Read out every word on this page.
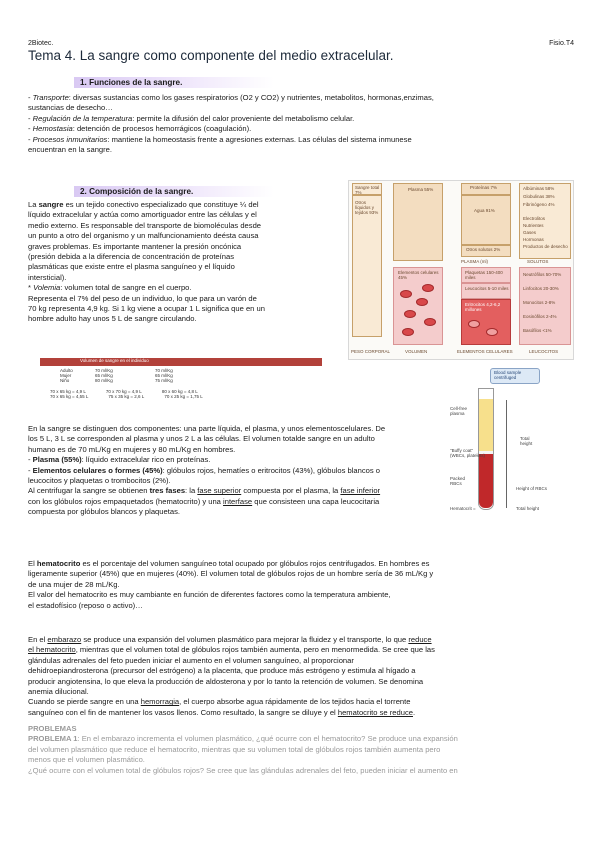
2Biotec.	Fisio.T4
Tema 4. La sangre como componente del medio extracelular.
1. Funciones de la sangre.
- Transporte: diversas sustancias como los gases respiratorios (O2 y CO2) y nutrientes, metabolitos, hormonas,enzimas,
sustancias de desecho…
- Regulación de la temperatura: permite la difusión del calor proveniente del metabolismo celular.
- Hemostasia: detención de procesos hemorrágicos (coagulación).
- Procesos inmunitarios: mantiene la homeostasis frente a agresiones externas. Las células del sistema inmunese
encuentran en la sangre.
2. Composición de la sangre.
La sangre es un tejido conectivo especializado que constituye ¼ del
líquido extracelular y actúa como amortiguador entre las células y el
medio externo. Es responsable del transporte de biomoléculas desde
un punto a otro del organismo y un malfuncionamiento deésta causa
graves problemas. Es importante mantener la presión oncónica
(presión debida a la diferencia de concentración de proteínas
plasmáticas que existe entre el plasma sanguíneo y el líquido
intersticial).
* Volemia: volumen total de sangre en el cuerpo.
Representa el 7% del peso de un individuo, lo que para un varón de
70 kg representa 4,9 kg. Si 1 kg viene a ocupar 1 L significa que en un
hombre adulto hay unos 5 L de sangre circulando.
Volumen de sangre en el individuo
Adulto	70 ml/Kg	70 ml/Kg
Mujer	65 ml/Kg	65 ml/Kg
Niño	80 ml/Kg	75 ml/Kg
70 x 65 kg = 4,9 L	70 x 70 kg = 4,9 L	80 x 60 kg = 4,8 L
70 x 65 kg = 4,55 L	75 x 35 kg = 2,6 L	70 x 25 kg = 1,75 L
Sangre total 7%
Otros líquidos y tejidos 93%
Plasma 55%	Proteínas 7%
Agua 91%
Otros solutos 2%
Albúminas 58%
Globulinas 38%
Fibrinógeno 4%
Electrolitos
Nutrientes
Gases
Hormonas
Productos de desecho
PLASMA (ml)	SOLUTOS
Elementos celulares 45%
Plaquetas 150-400 miles
Leucocitos 5-10 miles
Eritrocitos 4,2-6,2 millones
Neutrófilos 50-70%
Linfocitos 20-30%
Monocitos 2-8%
Eosinófilos 2-4%
Basófilos <1%
PESO CORPORAL	VOLUMEN	ELEMENTOS CELULARES	LEUCOCITOS
Blood sample
centrifuged
Cell-free
plasma
"Buffy coat"
(WBCs, platelets)
Packed
RBCs
Hematocrit =
Total
height
Height of RBCs
Total height
En la sangre se distinguen dos componentes: una parte líquida, el plasma, y unos elementoscelulares. De
los 5 L, 3 L se corresponden al plasma y unos 2 L a las células. El volumen totalde sangre en un adulto
humano es de 70 mL/Kg en mujeres y 80 mL/Kg en hombres.
- Plasma (55%): líquido extracelular rico en proteínas.
- Elementos celulares o formes (45%): glóbulos rojos, hematíes o eritrocitos (43%), glóbulos blancos o
leucocitos y plaquetas o trombocitos (2%).
Al centrifugar la sangre se obtienen tres fases: la fase superior compuesta por el plasma, la fase inferior
con los glóbulos rojos empaquetados (hematocrito) y una interfase que consisteen una capa leucocitaria
compuesta por glóbulos blancos y plaquetas.
El hematocrito es el porcentaje del volumen sanguíneo total ocupado por glóbulos rojos centrifugados. En hombres es
ligeramente superior (45%) que en mujeres (40%). El volumen total de glóbulos rojos de un hombre sería de 36 mL/Kg y
de una mujer de 28 mL/Kg.
El valor del hematocrito es muy cambiante en función de diferentes factores como la temperatura ambiente,
el estadofísico (reposo o activo)…
En el embarazo se produce una expansión del volumen plasmático para mejorar la fluidez y el transporte, lo que reduce
el hematocrito, mientras que el volumen total de glóbulos rojos también aumenta, pero en menormedida. Se cree que las
glándulas adrenales del feto pueden iniciar el aumento en el volumen sanguíneo, al proporcionar
dehidroepiandrosterona (precursor del estrógeno) a la placenta, que produce más estrógeno y estimula al hígado a
producir angiotensina, lo que eleva la producción de aldosterona y por lo tanto la retención de volumen. Se denomina
anemia dilucional.
Cuando se pierde sangre en una hemorragia, el cuerpo absorbe agua rápidamente de los tejidos hacia el torrente
sanguíneo con el fin de mantener los vasos llenos. Como resultado, la sangre se diluye y el hematocrito se reduce.
PROBLEMAS
PROBLEMA 1: En el embarazo incrementa el volumen plasmático, ¿qué ocurre con el hematocrito? Se produce una expansión
del volumen plasmático que reduce el hematocrito, mientras que su volumen total de glóbulos rojos también aumenta pero
menos que el volumen plasmático.
¿Qué ocurre con el volumen total de glóbulos rojos? Se cree que las glándulas adrenales del feto, pueden iniciar el aumento en
